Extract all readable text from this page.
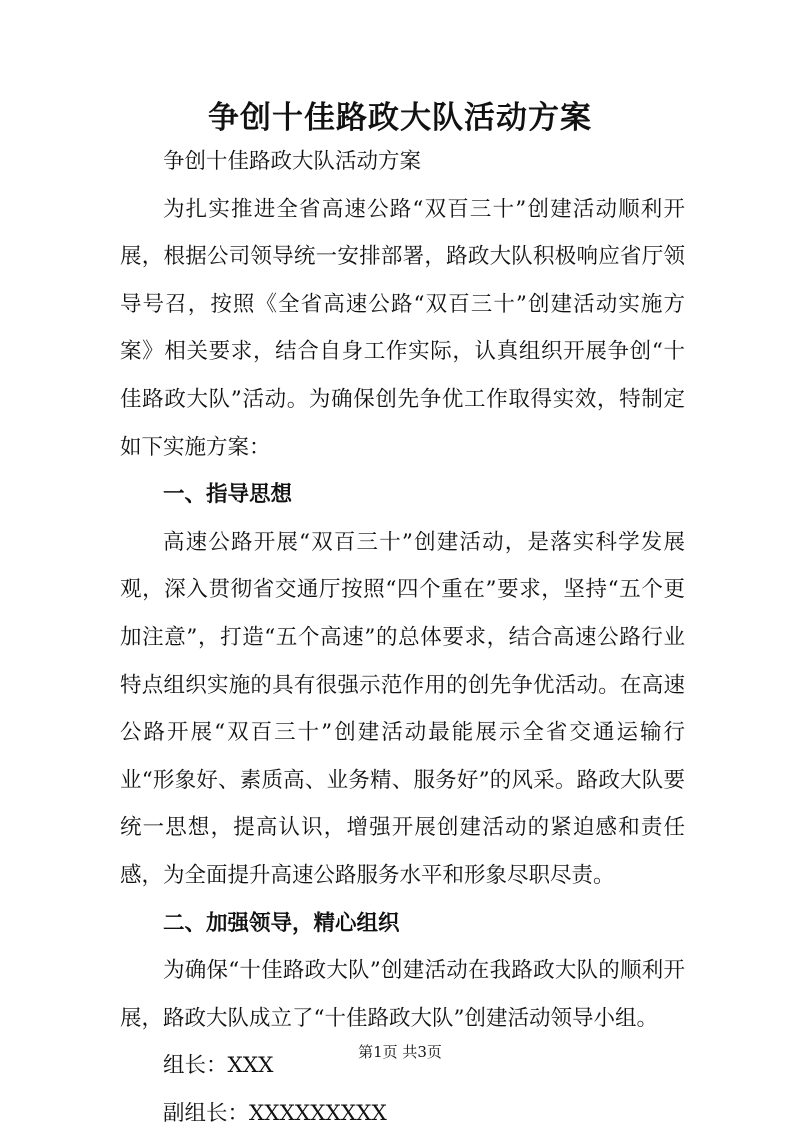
争创十佳路政大队活动方案

争创十佳路政大队活动方案

为扎实推进全省高速公路“双百三十”创建活动顺利开展，根据公司领导统一安排部署，路政大队积极响应省厅领导号召，按照《全省高速公路“双百三十”创建活动实施方案》相关要求，结合自身工作实际，认真组织开展争创“十佳路政大队”活动。为确保创先争优工作取得实效，特制定如下实施方案：

一、指导思想

高速公路开展“双百三十”创建活动，是落实科学发展观，深入贯彻省交通厅按照“四个重在”要求，坚持“五个更加注意”，打造“五个高速”的总体要求，结合高速公路行业特点组织实施的具有很强示范作用的创先争优活动。在高速公路开展“双百三十”创建活动最能展示全省交通运输行业“形象好、素质高、业务精、服务好”的风采。路政大队要统一思想，提高认识，增强开展创建活动的紧迫感和责任感，为全面提升高速公路服务水平和形象尽职尽责。

二、加强领导，精心组织

为确保“十佳路政大队”创建活动在我路政大队的顺利开展，路政大队成立了“十佳路政大队”创建活动领导小组。

组长：XXX

副组长：XXXXXXXXX

第1页 共3页
